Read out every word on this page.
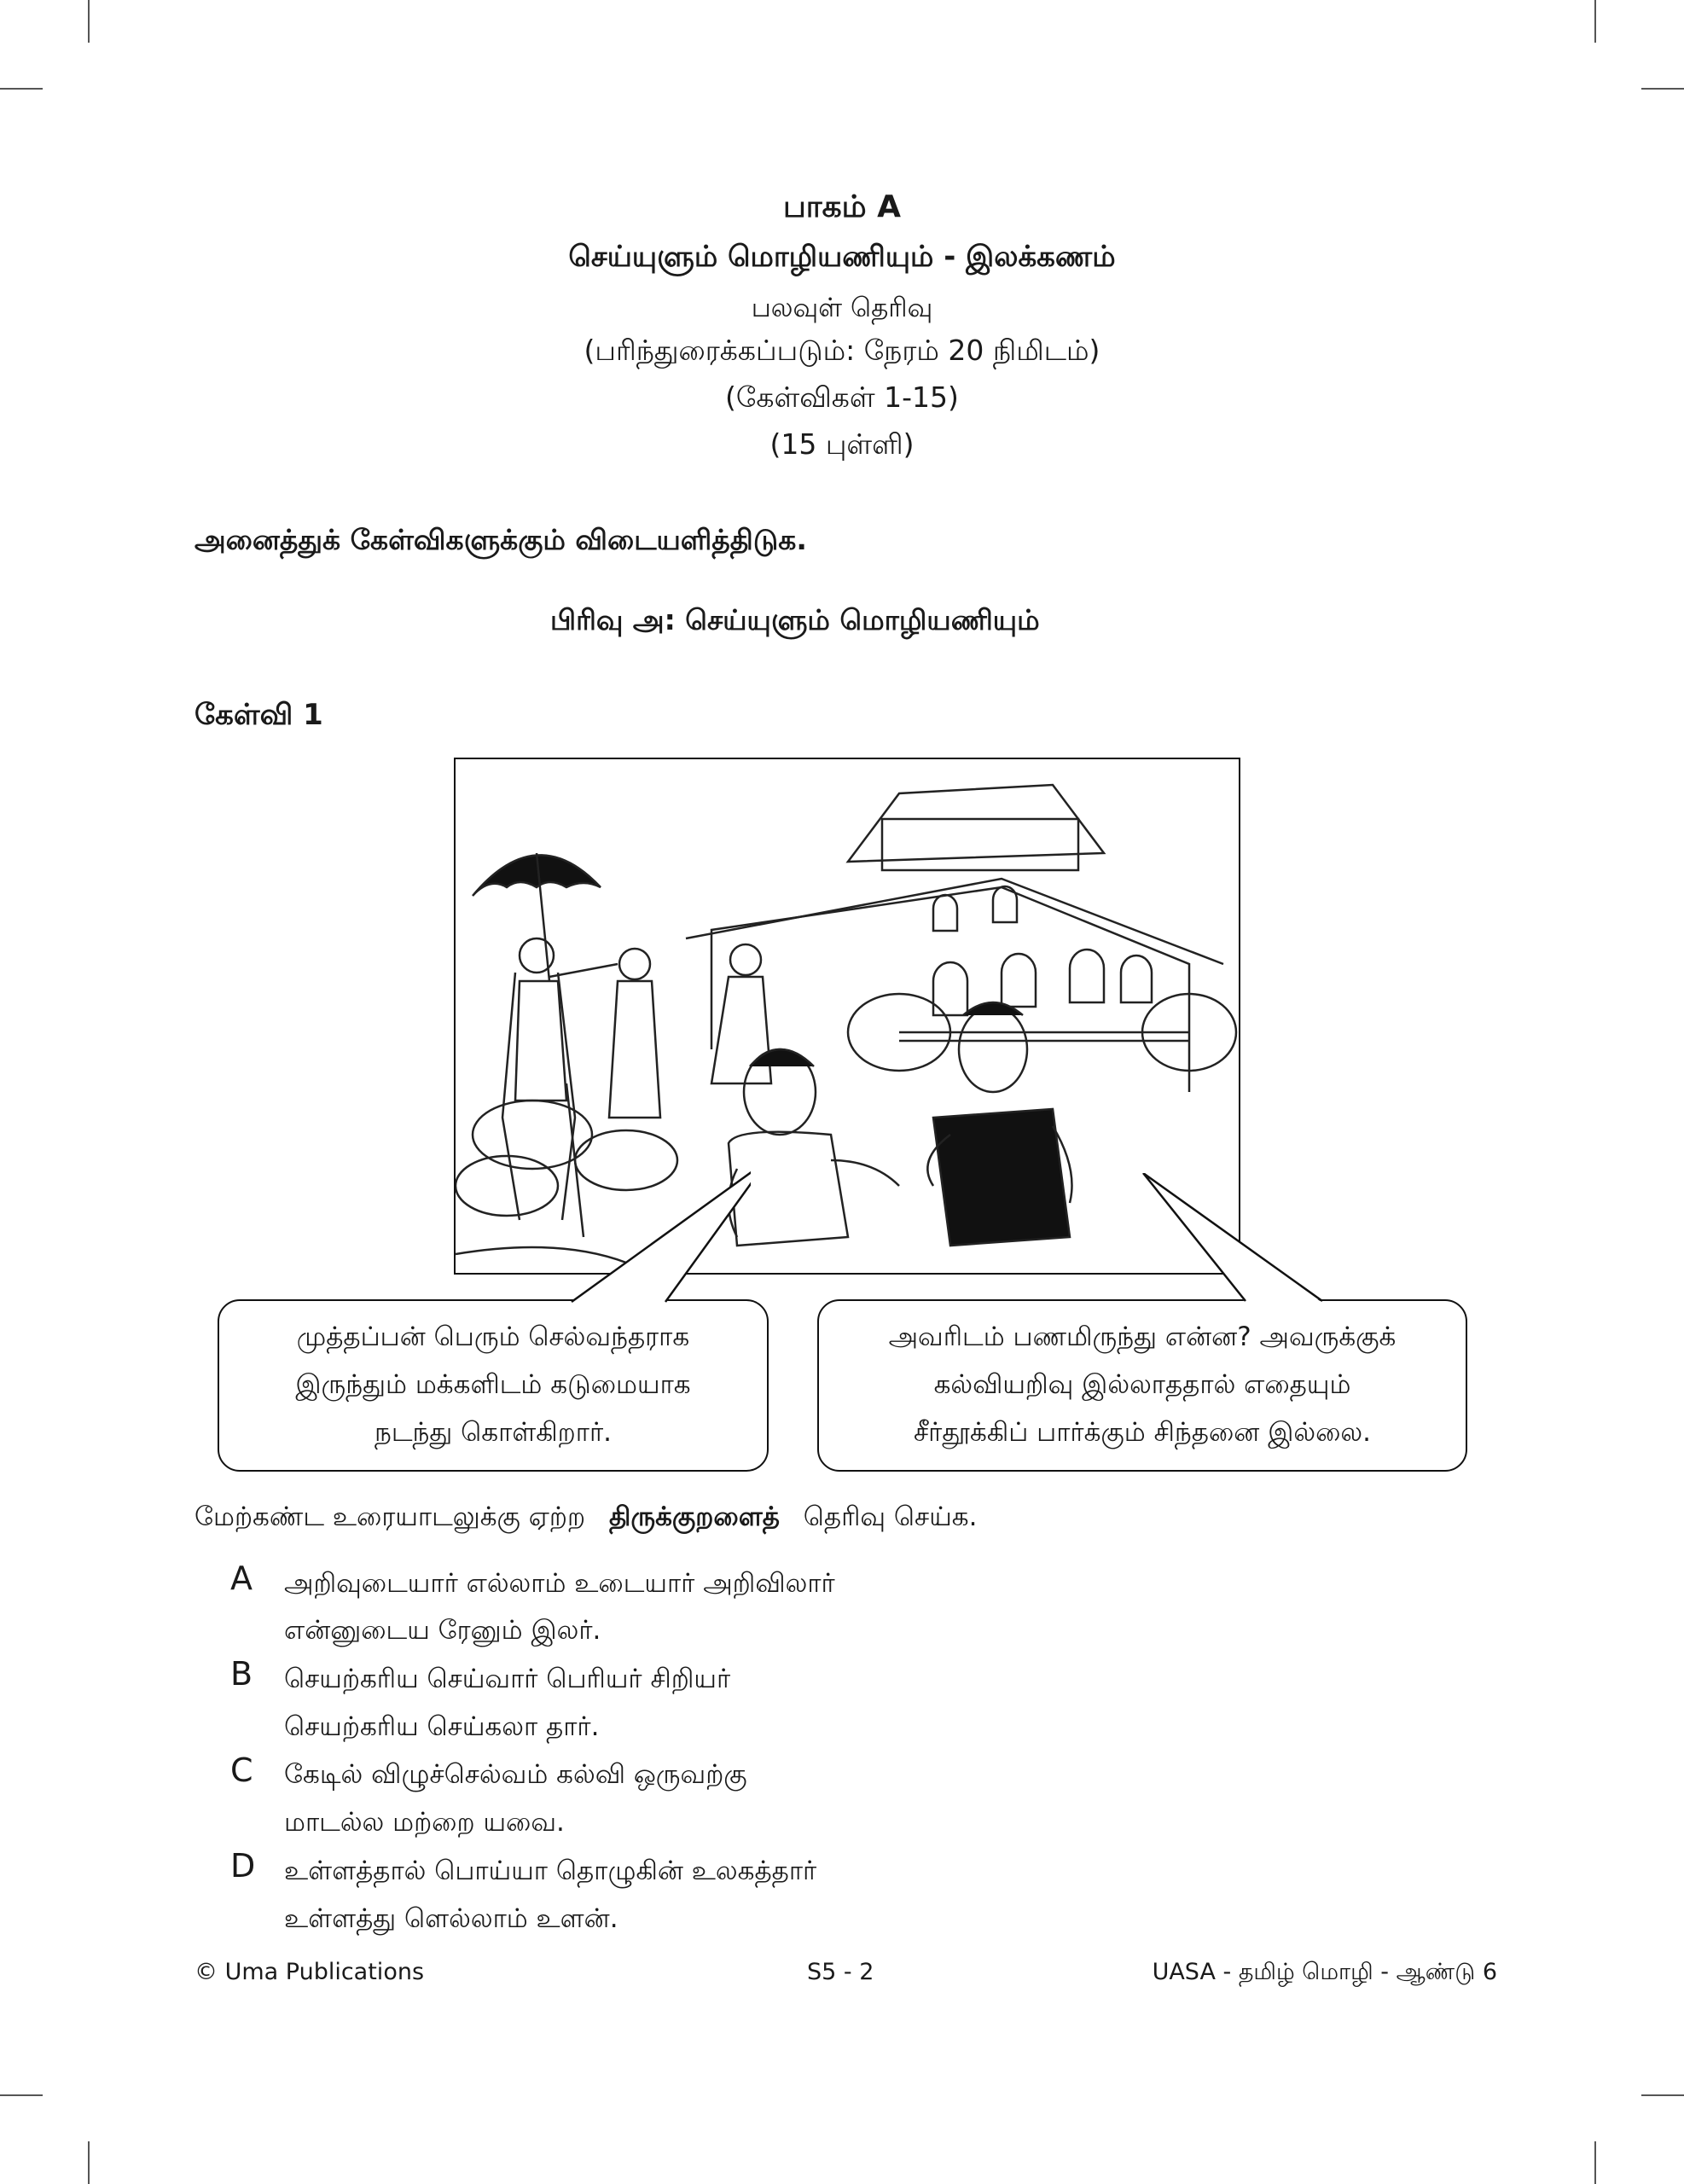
பாகம் A
செய்யுளும் மொழியணியும் - இலக்கணம்
பலவுள் தெரிவு
(பரிந்துரைக்கப்படும்: நேரம் 20 நிமிடம்)
(கேள்விகள் 1-15)
(15 புள்ளி)
அனைத்துக் கேள்விகளுக்கும் விடையளித்திடுக.
பிரிவு அ: செய்யுளும் மொழியணியும்
கேள்வி 1
முத்தப்பன் பெரும் செல்வந்தராக
இருந்தும் மக்களிடம் கடுமையாக
நடந்து கொள்கிறார்.
அவரிடம் பணமிருந்து என்ன? அவருக்குக்
கல்வியறிவு இல்லாததால் எதையும்
சீர்தூக்கிப் பார்க்கும் சிந்தனை இல்லை.
மேற்கண்ட உரையாடலுக்கு ஏற்ற திருக்குறளைத் தெரிவு செய்க.
A அறிவுடையார் எல்லாம் உடையார் அறிவிலார்
என்னுடைய ரேனும் இலர்.
B செயற்கரிய செய்வார் பெரியர் சிறியர்
செயற்கரிய செய்கலா தார்.
C கேடில் விழுச்செல்வம் கல்வி ஒருவற்கு
மாடல்ல மற்றை யவை.
D உள்ளத்தால் பொய்யா தொழுகின் உலகத்தார்
உள்ளத்து ளெல்லாம் உளன்.
© Uma Publications	S5 - 2	UASA - தமிழ் மொழி - ஆண்டு 6
